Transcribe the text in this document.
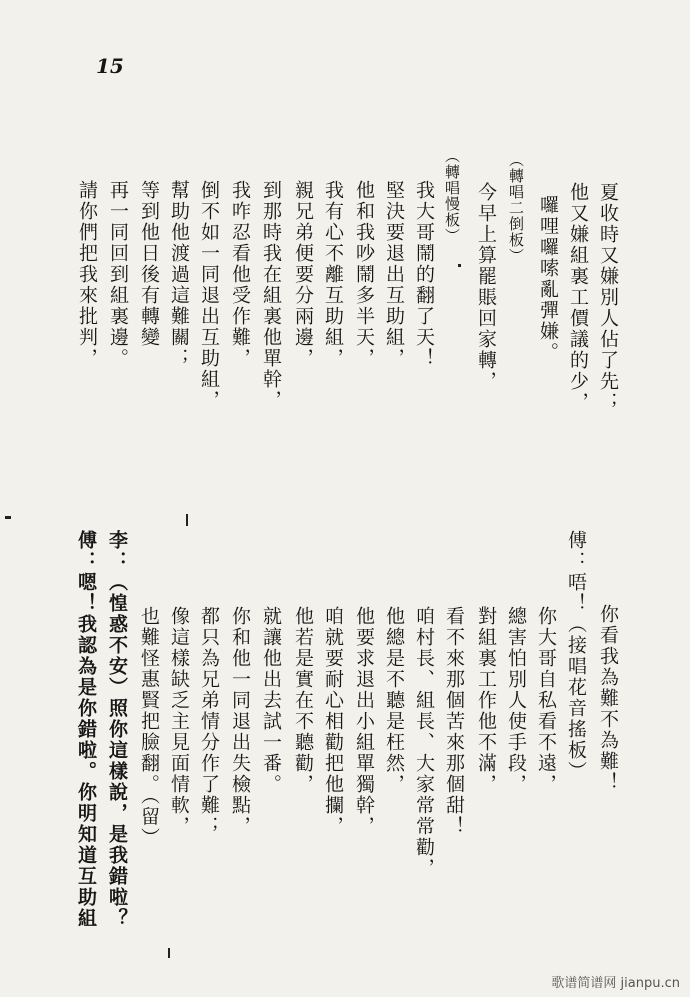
15
夏收時又嫌別人佔了先；
他又嫌組裏工價議的少，
囉哩囉嗦亂彈嫌。
（轉唱二倒板）
今早上算罷賬回家轉，
（轉唱慢板）
我大哥鬧的翻了天！
堅決要退出互助組，
他和我吵鬧多半天，
我有心不離互助組，
親兄弟便要分兩邊，
到那時我在組裏他單幹，
我咋忍看他受作難，
倒不如一同退出互助組，
幫助他渡過這難關；
等到他日後有轉變
再一同回到組裏邊。
請你們把我來批判，
你看我為難不為難！
傅：唔！（接唱花音搖板）
你大哥自私看不遠，
總害怕別人使手段，
對組裏工作他不滿，
看不來那個苦來那個甜！
咱村長、組長、大家常常勸，
他總是不聽是枉然，
他要求退出小組單獨幹，
咱就要耐心相勸把他攔，
他若是實在不聽勸，
就讓他出去試一番。
你和他一同退出失檢點，
都只為兄弟情分作了難；
像這樣缺乏主見面情軟，
也難怪惠賢把臉翻。（留）
李：（惶惑不安）照你這樣說，是我錯啦？
傅：嗯！我認為是你錯啦。你明知道互助組
歌谱简谱网 jianpu.cn
